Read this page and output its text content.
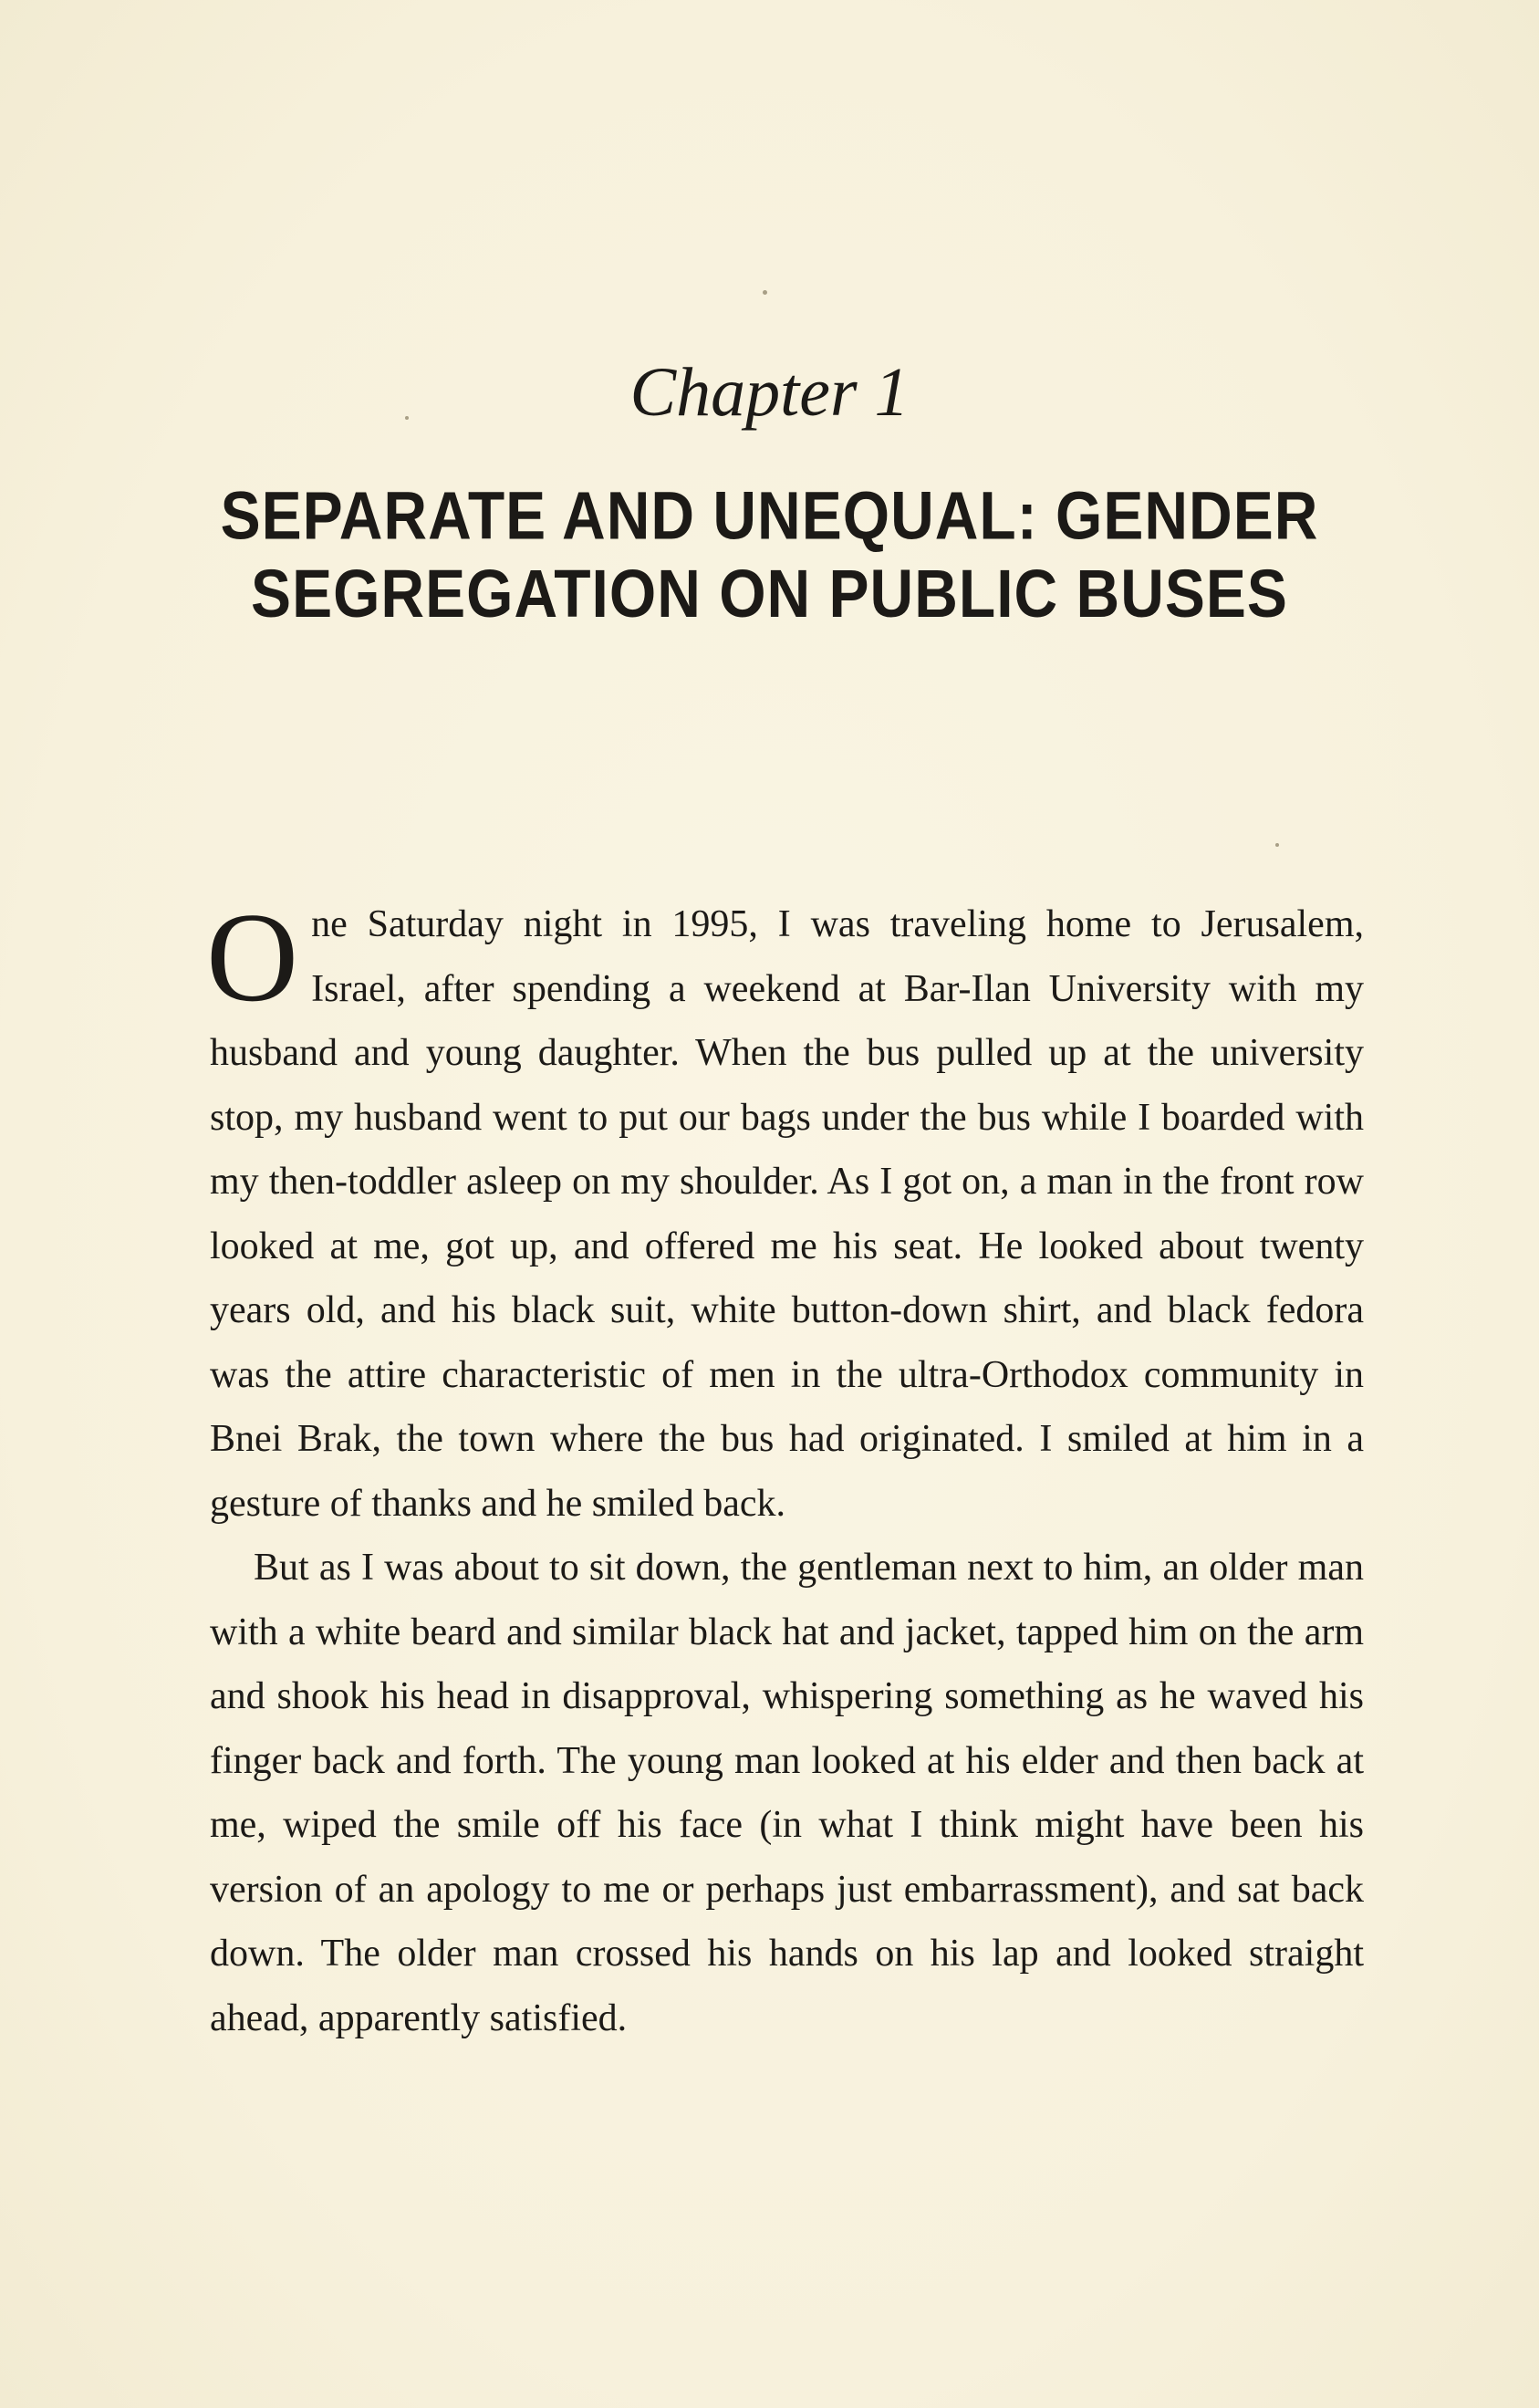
Chapter 1
SEPARATE AND UNEQUAL: GENDER
SEGREGATION ON PUBLIC BUSES

One Saturday night in 1995, I was traveling home to Jerusalem, Israel, after spending a weekend at Bar-Ilan University with my husband and young daughter. When the bus pulled up at the university stop, my husband went to put our bags under the bus while I boarded with my then-toddler asleep on my shoulder. As I got on, a man in the front row looked at me, got up, and offered me his seat. He looked about twenty years old, and his black suit, white button-down shirt, and black fedora was the attire characteristic of men in the ultra-Orthodox community in Bnei Brak, the town where the bus had originated. I smiled at him in a gesture of thanks and he smiled back.

But as I was about to sit down, the gentleman next to him, an older man with a white beard and similar black hat and jacket, tapped him on the arm and shook his head in disapproval, whispering something as he waved his finger back and forth. The young man looked at his elder and then back at me, wiped the smile off his face (in what I think might have been his version of an apology to me or perhaps just embarrassment), and sat back down. The older man crossed his hands on his lap and looked straight ahead, apparently satisfied.
